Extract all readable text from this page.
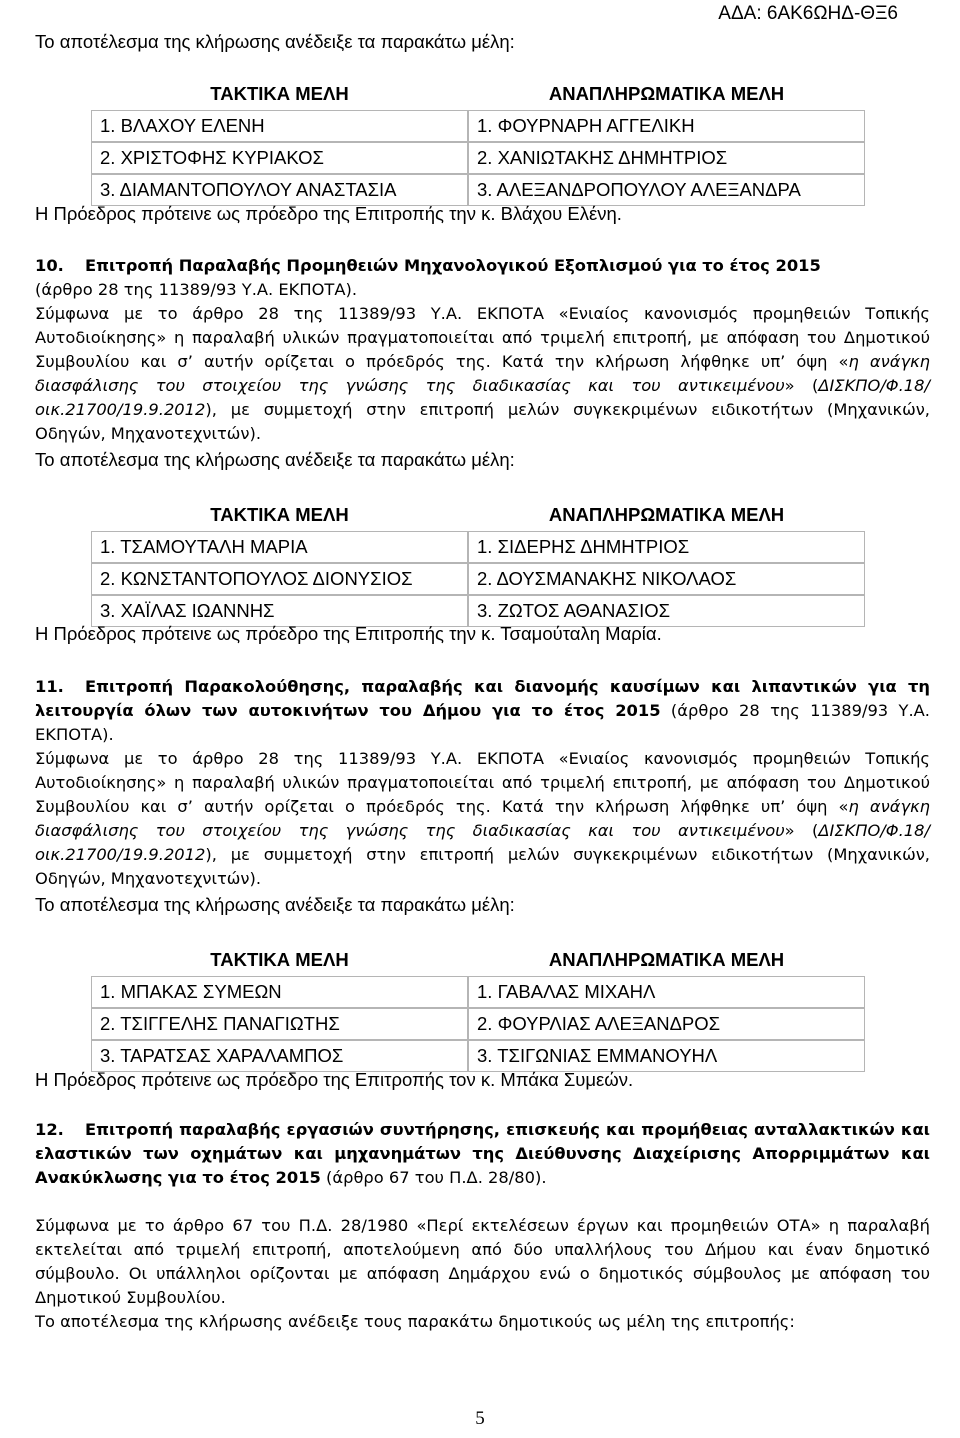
ΑΔΑ: 6ΑΚ6ΩΗΔ-ΘΞ6
Το αποτέλεσμα της κλήρωσης ανέδειξε τα παρακάτω μέλη:
ΤΑΚΤΙΚΑ ΜΕΛΗ	ΑΝΑΠΛΗΡΩΜΑΤΙΚΑ ΜΕΛΗ
1. ΒΛΑΧΟΥ ΕΛΕΝΗ	1. ΦΟΥΡΝΑΡΗ ΑΓΓΕΛΙΚΗ
2. ΧΡΙΣΤΟΦΗΣ ΚΥΡΙΑΚΟΣ	2. ΧΑΝΙΩΤΑΚΗΣ ΔΗΜΗΤΡΙΟΣ
3. ΔΙΑΜΑΝΤΟΠΟΥΛΟΥ ΑΝΑΣΤΑΣΙΑ	3. ΑΛΕΞΑΝΔΡΟΠΟΥΛΟΥ ΑΛΕΞΑΝΔΡΑ
Η Πρόεδρος πρότεινε ως πρόεδρο της Επιτροπής την κ. Βλάχου Ελένη.
10. Επιτροπή Παραλαβής Προμηθειών Μηχανολογικού Εξοπλισμού για το έτος 2015
(άρθρο 28 της 11389/93 Υ.Α. ΕΚΠΟΤΑ).
Σύμφωνα με το άρθρο 28 της 11389/93 Υ.Α. ΕΚΠΟΤΑ «Ενιαίος κανονισμός προμηθειών Τοπικής Αυτοδιοίκησης» η παραλαβή υλικών πραγματοποιείται από τριμελή επιτροπή, με απόφαση του Δημοτικού Συμβουλίου και σ’ αυτήν ορίζεται ο πρόεδρός της. Κατά την κλήρωση λήφθηκε υπ’ όψη «η ανάγκη διασφάλισης του στοιχείου της γνώσης της διαδικασίας και του αντικειμένου» (ΔΙΣΚΠΟ/Φ.18/οικ.21700/19.9.2012), με συμμετοχή στην επιτροπή μελών συγκεκριμένων ειδικοτήτων (Μηχανικών, Οδηγών, Μηχανοτεχνιτών).
Το αποτέλεσμα της κλήρωσης ανέδειξε τα παρακάτω μέλη:
ΤΑΚΤΙΚΑ ΜΕΛΗ	ΑΝΑΠΛΗΡΩΜΑΤΙΚΑ ΜΕΛΗ
1. ΤΣΑΜΟΥΤΑΛΗ ΜΑΡΙΑ	1. ΣΙΔΕΡΗΣ ΔΗΜΗΤΡΙΟΣ
2. ΚΩΝΣΤΑΝΤΟΠΟΥΛΟΣ ΔΙΟΝΥΣΙΟΣ	2. ΔΟΥΣΜΑΝΑΚΗΣ ΝΙΚΟΛΑΟΣ
3. ΧΑΪΛΑΣ ΙΩΑΝΝΗΣ	3. ΖΩΤΟΣ ΑΘΑΝΑΣΙΟΣ
Η Πρόεδρος πρότεινε ως πρόεδρο της Επιτροπής την κ. Τσαμούταλη Μαρία.
11. Επιτροπή Παρακολούθησης, παραλαβής και διανομής καυσίμων και λιπαντικών για τη λειτουργία όλων των αυτοκινήτων του Δήμου για το έτος 2015 (άρθρο 28 της 11389/93 Υ.Α. ΕΚΠΟΤΑ).
Σύμφωνα με το άρθρο 28 της 11389/93 Υ.Α. ΕΚΠΟΤΑ «Ενιαίος κανονισμός προμηθειών Τοπικής Αυτοδιοίκησης» η παραλαβή υλικών πραγματοποιείται από τριμελή επιτροπή, με απόφαση του Δημοτικού Συμβουλίου και σ’ αυτήν ορίζεται ο πρόεδρός της. Κατά την κλήρωση λήφθηκε υπ’ όψη «η ανάγκη διασφάλισης του στοιχείου της γνώσης της διαδικασίας και του αντικειμένου» (ΔΙΣΚΠΟ/Φ.18/οικ.21700/19.9.2012), με συμμετοχή στην επιτροπή μελών συγκεκριμένων ειδικοτήτων (Μηχανικών, Οδηγών, Μηχανοτεχνιτών).
Το αποτέλεσμα της κλήρωσης ανέδειξε τα παρακάτω μέλη:
ΤΑΚΤΙΚΑ ΜΕΛΗ	ΑΝΑΠΛΗΡΩΜΑΤΙΚΑ ΜΕΛΗ
1. ΜΠΑΚΑΣ ΣΥΜΕΩΝ	1. ΓΑΒΑΛΑΣ ΜΙΧΑΗΛ
2. ΤΣΙΓΓΕΛΗΣ ΠΑΝΑΓΙΩΤΗΣ	2. ΦΟΥΡΛΙΑΣ ΑΛΕΞΑΝΔΡΟΣ
3. ΤΑΡΑΤΣΑΣ ΧΑΡΑΛΑΜΠΟΣ	3. ΤΣΙΓΩΝΙΑΣ ΕΜΜΑΝΟΥΗΛ
Η Πρόεδρος πρότεινε ως πρόεδρο της Επιτροπής τον κ. Μπάκα Συμεών.
12. Επιτροπή παραλαβής εργασιών συντήρησης, επισκευής και προμήθειας ανταλλακτικών και ελαστικών των οχημάτων και μηχανημάτων της Διεύθυνσης Διαχείρισης Απορριμμάτων και Ανακύκλωσης για το έτος 2015 (άρθρο 67 του Π.Δ. 28/80).
Σύμφωνα με το άρθρο 67 του Π.Δ. 28/1980 «Περί εκτελέσεων έργων και προμηθειών ΟΤΑ» η παραλαβή εκτελείται από τριμελή επιτροπή, αποτελούμενη από δύο υπαλλήλους του Δήμου και έναν δημοτικό σύμβουλο. Οι υπάλληλοι ορίζονται με απόφαση Δημάρχου ενώ ο δημοτικός σύμβουλος με απόφαση του Δημοτικού Συμβουλίου.
Το αποτέλεσμα της κλήρωσης ανέδειξε τους παρακάτω δημοτικούς ως μέλη της επιτροπής:
5
